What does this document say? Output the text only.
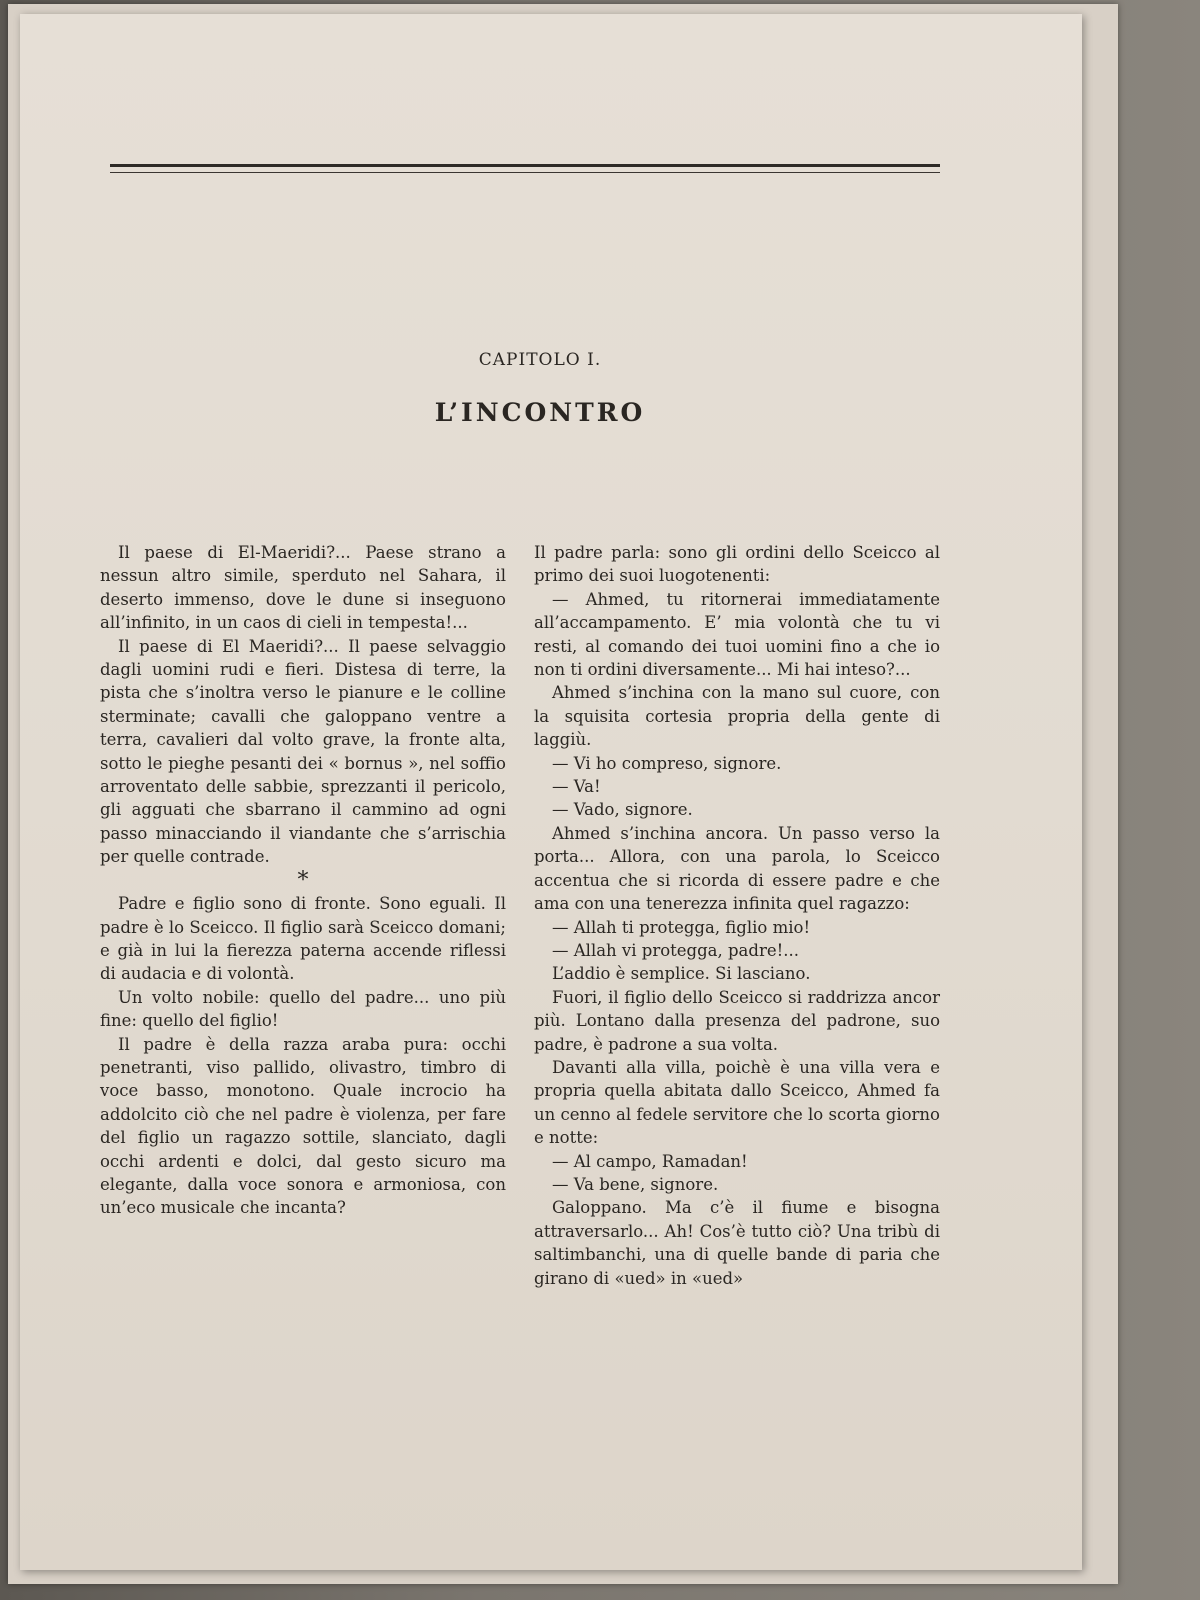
CAPITOLO I.
L’INCONTRO

Il paese di El-Maeridi?... Paese strano a nessun altro simile, sperduto nel Sahara, il deserto immenso, dove le dune si inseguono all’infinito, in un caos di cieli in tempesta!...

Il paese di El Maeridi?... Il paese selvaggio dagli uomini rudi e fieri. Distesa di terre, la pista che s’inoltra verso le pianure e le colline sterminate; cavalli che galoppano ventre a terra, cavalieri dal volto grave, la fronte alta, sotto le pieghe pesanti dei « bornus », nel soffio arroventato delle sabbie, sprezzanti il pericolo, gli agguati che sbarrano il cammino ad ogni passo minacciando il viandante che s’arrischia per quelle contrade.

*

Padre e figlio sono di fronte. Sono eguali. Il padre è lo Sceicco. Il figlio sarà Sceicco domani; e già in lui la fierezza paterna accende riflessi di audacia e di volontà.

Un volto nobile: quello del padre... uno più fine: quello del figlio!

Il padre è della razza araba pura: occhi penetranti, viso pallido, olivastro, timbro di voce basso, monotono. Quale incrocio ha addolcito ciò che nel padre è violenza, per fare del figlio un ragazzo sottile, slanciato, dagli occhi ardenti e dolci, dal gesto sicuro ma elegante, dalla voce sonora e armoniosa, con un’eco musicale che incanta?

Il padre parla: sono gli ordini dello Sceicco al primo dei suoi luogotenenti:

— Ahmed, tu ritornerai immediatamente all’accampamento. E’ mia volontà che tu vi resti, al comando dei tuoi uomini fino a che io non ti ordini diversamente... Mi hai inteso?...

Ahmed s’inchina con la mano sul cuore, con la squisita cortesia propria della gente di laggiù.

— Vi ho compreso, signore.

— Va!

— Vado, signore.

Ahmed s’inchina ancora. Un passo verso la porta... Allora, con una parola, lo Sceicco accentua che si ricorda di essere padre e che ama con una tenerezza infinita quel ragazzo:

— Allah ti protegga, figlio mio!

— Allah vi protegga, padre!...

L’addio è semplice. Si lasciano.

Fuori, il figlio dello Sceicco si raddrizza ancor più. Lontano dalla presenza del padrone, suo padre, è padrone a sua volta.

Davanti alla villa, poichè è una villa vera e propria quella abitata dallo Sceicco, Ahmed fa un cenno al fedele servitore che lo scorta giorno e notte:

— Al campo, Ramadan!

— Va bene, signore.

Galoppano. Ma c’è il fiume e bisogna attraversarlo... Ah! Cos’è tutto ciò? Una tribù di saltimbanchi, una di quelle bande di paria che girano di «ued» in «ued»
